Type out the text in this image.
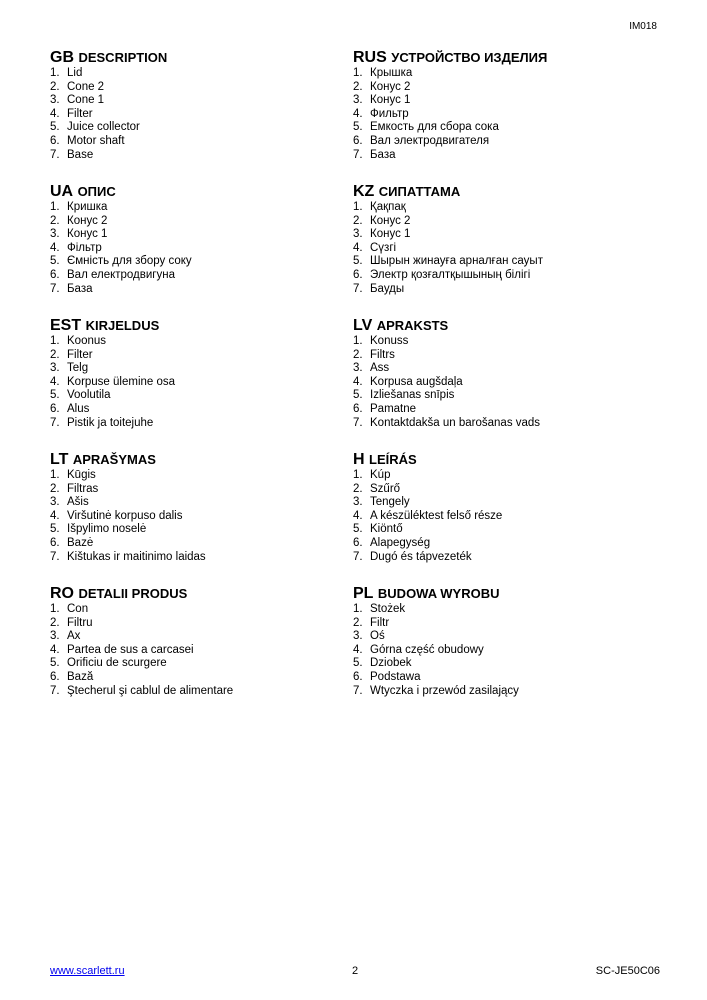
IM018
GB DESCRIPTION
1. Lid
2. Cone 2
3. Cone 1
4. Filter
5. Juice collector
6. Motor shaft
7. Base
UA ОПИС
1. Кришка
2. Конус 2
3. Конус 1
4. Фільтр
5. Ємність для збору соку
6. Вал електродвигуна
7. База
EST KIRJELDUS
1. Koonus
2. Filter
3. Telg
4. Korpuse ülemine osa
5. Voolutila
6. Alus
7. Pistik ja toitejuhe
LT APRAŠYMAS
1. Kūgis
2. Filtras
3. Ašis
4. Viršutinė korpuso dalis
5. Išpylimo noselė
6. Bazė
7. Kištukas ir maitinimo laidas
RO DETALII PRODUS
1. Con
2. Filtru
3. Ax
4. Partea de sus a carcasei
5. Orificiu de scurgere
6. Bază
7. Ştecherul şi cablul de alimentare
RUS УСТРОЙСТВО ИЗДЕЛИЯ
1. Крышка
2. Конус 2
3. Конус 1
4. Фильтр
5. Емкость для сбора сока
6. Вал электродвигателя
7. База
KZ СИПАТТАМА
1. Қақпақ
2. Конус 2
3. Конус 1
4. Сүзгі
5. Шырын жинауға арналған сауыт
6. Электр қозғалтқышының білігі
7. Бауды
LV APRAKSTS
1. Konuss
2. Filtrs
3. Ass
4. Korpusa augšdaļa
5. Izliešanas snīpis
6. Pamatne
7. Kontaktdakša un barošanas vads
H LEÍRÁS
1. Kúp
2. Szűrő
3. Tengely
4. A készüléktest felső része
5. Kiöntő
6. Alapegység
7. Dugó és tápvezeték
PL BUDOWA WYROBU
1. Stożek
2. Filtr
3. Oś
4. Górna część obudowy
5. Dziobek
6. Podstawa
7. Wtyczka i przewód zasilający
www.scarlett.ru	2	SC-JE50C06
